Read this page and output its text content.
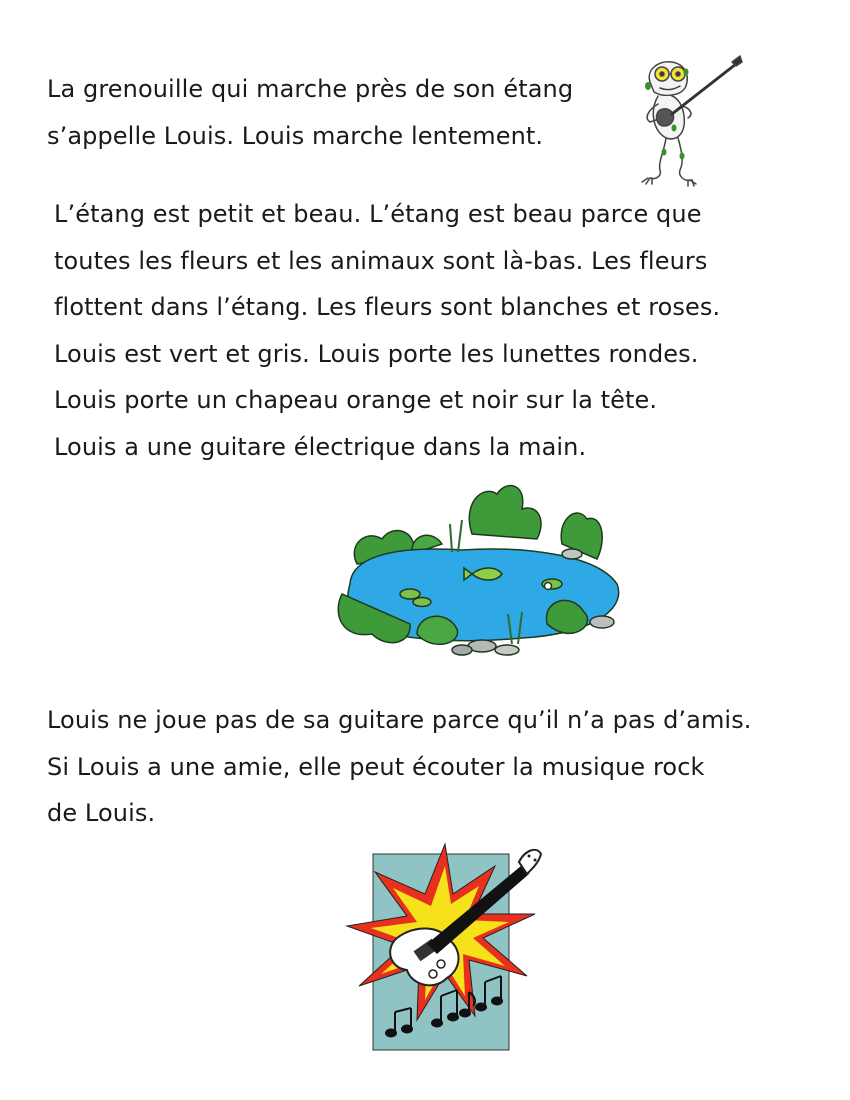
La grenouille qui marche près de son étang
s’appelle Louis. Louis marche lentement.
L’étang est petit et beau. L’étang est beau parce que
toutes les fleurs et les animaux sont là-bas. Les fleurs
flottent dans l’étang. Les fleurs sont blanches et roses.
Louis est vert et gris. Louis porte les lunettes rondes.
Louis porte un chapeau orange et noir sur la tête.
Louis a une guitare électrique dans la main.
Louis ne joue pas de sa guitare parce qu’il n’a pas d’amis.
Si Louis a une amie, elle peut écouter la musique rock
de Louis.
